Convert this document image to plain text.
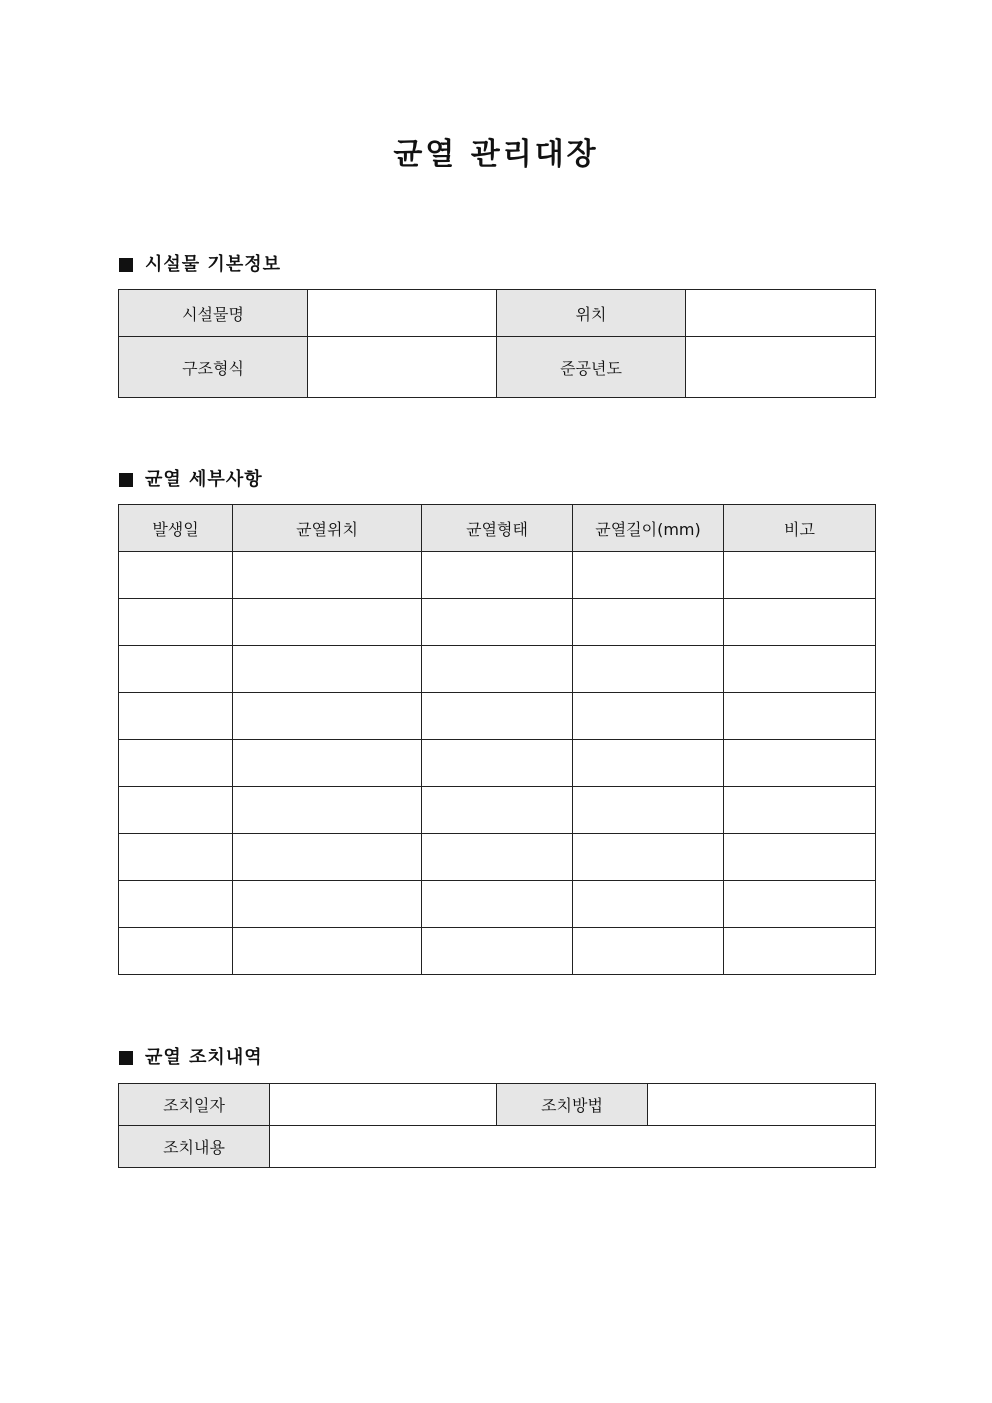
균열 관리대장
시설물 기본정보
시설물명		위치	
구조형식		준공년도	
균열 세부사항
발생일	균열위치	균열형태	균열길이(mm)	비고

균열 조치내역
조치일자		조치방법	
조치내용			
